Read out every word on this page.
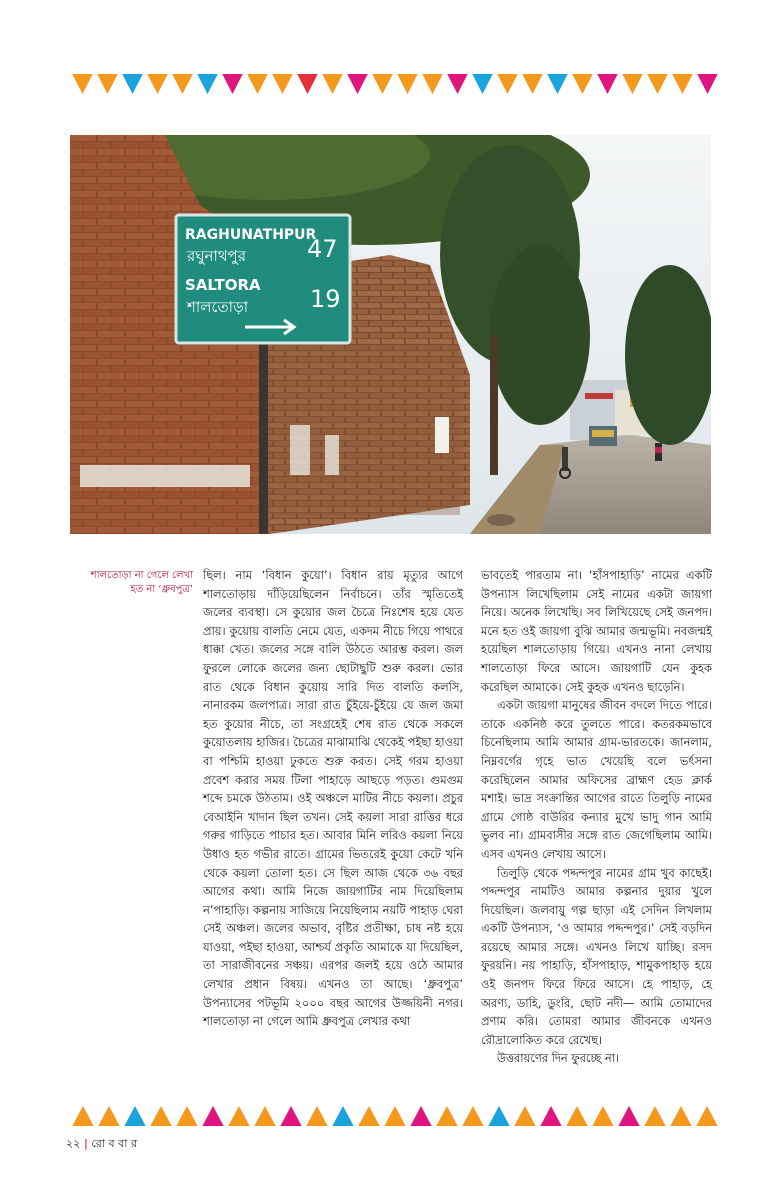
RAGHUNATHPUR
রঘুনাথপুর	47
SALTORA
শালতোড়া	19
শালতোড়া না গেলে লেখা
হত না ‘ধ্রুবপুত্র’

ছিল। নাম ‘বিধান কুয়ো’। বিধান রায় মৃত্যুর আগে শালতোড়ায় দাঁড়িয়েছিলেন নির্বাচনে। তাঁর স্মৃতিতেই জলের ব্যবস্থা। সে কুয়োর জল চৈত্রে নিঃশেষ হয়ে যেত প্রায়। কুয়োয় বালতি নেমে যেত, একদম নীচে গিয়ে পাথরে ধাক্কা খেত। জলের সঙ্গে বালি উঠতে আরম্ভ করল। জল ফুরলে লোকে জলের জন্য ছোটাছুটি শুরু করল। ভোর রাত থেকে বিধান কুয়োয় সারি দিত বালতি কলসি, নানারকম জলপাত্র। সারা রাত চুঁইয়ে-চুঁইয়ে যে জল জমা হত কুয়োর নীচে, তা সংগ্রহেই শেষ রাত থেকে সকলে কুয়োতলায় হাজির। চৈত্রের মাঝামাঝি থেকেই পইছা হাওয়া বা পশ্চিমি হাওয়া ঢুকতে শুরু করত। সেই গরম হাওয়া প্রবেশ করার সময় টিলা পাহাড়ে আছড়ে পড়ত। গুমগুম শব্দে চমকে উঠতাম। ওই অঞ্চলে মাটির নীচে কয়লা। প্রচুর বেআইনি খাদান ছিল তখন। সেই কয়লা সারা রাত্তির ধরে গরুর গাড়িতে পাচার হত। আবার মিনি লরিও কয়লা নিয়ে উধাও হত গভীর রাতে। গ্রামের ভিতরেই কুয়ো কেটে খনি থেকে কয়লা তোলা হত। সে ছিল আজ থেকে ৩৬ বছর আগের কথা। আমি নিজে জায়গাটির নাম দিয়েছিলাম ন’পাহাড়ি। কল্পনায় সাজিয়ে নিয়েছিলাম নয়টি পাহাড় ঘেরা সেই অঞ্চল। জলের অভাব, বৃষ্টির প্রতীক্ষা, চাষ নষ্ট হয়ে যাওয়া, পইছা হাওয়া, আশ্চর্য প্রকৃতি আমাকে যা দিয়েছিল, তা সারাজীবনের সঞ্চয়। এরপর জলই হয়ে ওঠে আমার লেখার প্রধান বিষয়। এখনও তা আছে। ‘ধ্রুবপুত্র’ উপন্যাসের পটভূমি ২০০০ বছর আগের উজ্জয়িনী নগর। শালতোড়া না গেলে আমি ধ্রুবপুত্র লেখার কথা

ভাবতেই পারতাম না। ‘হাঁসপাহাড়ি’ নামের একটি উপন্যাস লিখেছিলাম সেই নামের একটা জায়গা নিয়ে। অনেক লিখেছি। সব লিখিয়েছে সেই জনপদ। মনে হত ওই জায়গা বুঝি আমার জন্মভূমি। নবজন্মই হয়েছিল শালতোড়ায় গিয়ে। এখনও নানা লেখায় শালতোড়া ফিরে আসে। জায়গাটি যেন কুহক করেছিল আমাকে। সেই কুহক এখনও ছাড়েনি।

একটা জায়গা মানুষের জীবন বদলে দিতে পারে। তাকে একনিষ্ঠ করে তুলতে পারে। কতরকমভাবে চিনেছিলাম আমি আমার গ্রাম-ভারতকে। জানলাম, নিম্নবর্গের গৃহে ভাত খেয়েছি বলে ভর্ৎসনা করেছিলেন আমার অফিসের ব্রাহ্মণ হেড ক্লার্ক মশাই। ভাদ্র সংক্রান্তির আগের রাতে তিলুড়ি নামের গ্রামে গোষ্ঠ বাউরির কন্যার মুখে ভাদু গান আমি ভুলব না। গ্রামবাসীর সঙ্গে রাত জেগেছিলাম আমি। এসব এখনও লেখায় আসে।

তিলুড়ি থেকে পদ্দন্দপুর নামের গ্রাম খুব কাছেই। পদ্দন্দপুর নামটিও আমার কল্পনার দুয়ার খুলে দিয়েছিল। জলবায়ু গল্প ছাড়া এই সেদিন লিখলাম একটি উপন্যাস, ‘ও আমার পদ্দন্দপুর।’ সেই বড়দিন রয়েছে আমার সঙ্গে। এখনও লিখে যাচ্ছি। রসদ ফুরয়নি। নয় পাহাড়ি, হাঁসপাহাড়, শামুকপাহাড় হয়ে ওই জনপদ ফিরে ফিরে আসে। হে পাহাড়, হে অরণ্য, ডাহি, ডুংরি, ছোট নদী— আমি তোমাদের প্রণাম করি। তোমরা আমার জীবনকে এখনও রৌদ্রালোকিত করে রেখেছ।

উত্তরায়ণের দিন ফুরচ্ছে না।

২২ | রো ব বা র
